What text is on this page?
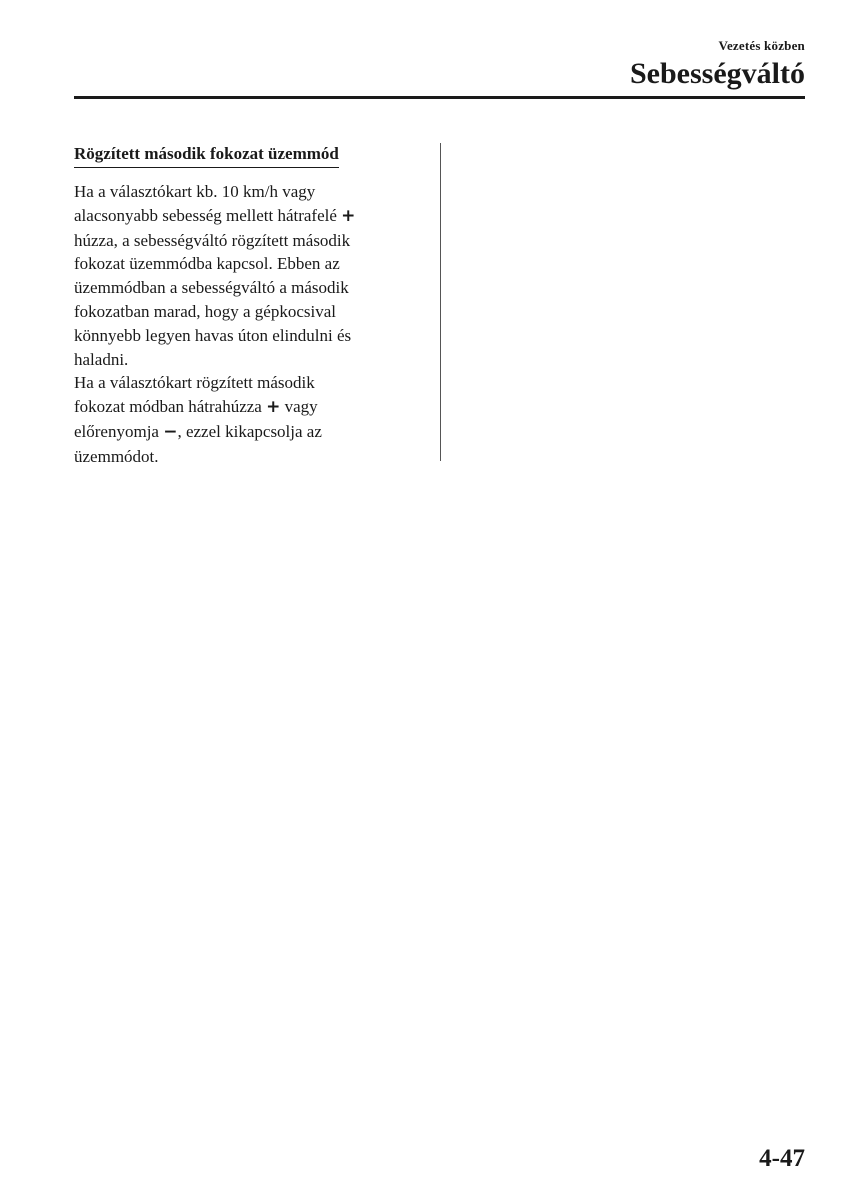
Vezetés közben
Sebességváltó
Rögzített második fokozat üzemmód

Ha a választókart kb. 10 km/h vagy
alacsonyabb sebesség mellett hátrafelé +
húzza, a sebességváltó rögzített második
fokozat üzemmódba kapcsol. Ebben az
üzemmódban a sebességváltó a második
fokozatban marad, hogy a gépkocsival
könnyebb legyen havas úton elindulni és
haladni.

Ha a választókart rögzített második
fokozat módban hátrahúzza + vagy
előrenyomja −, ezzel kikapcsolja az
üzemmódot.

4-47
